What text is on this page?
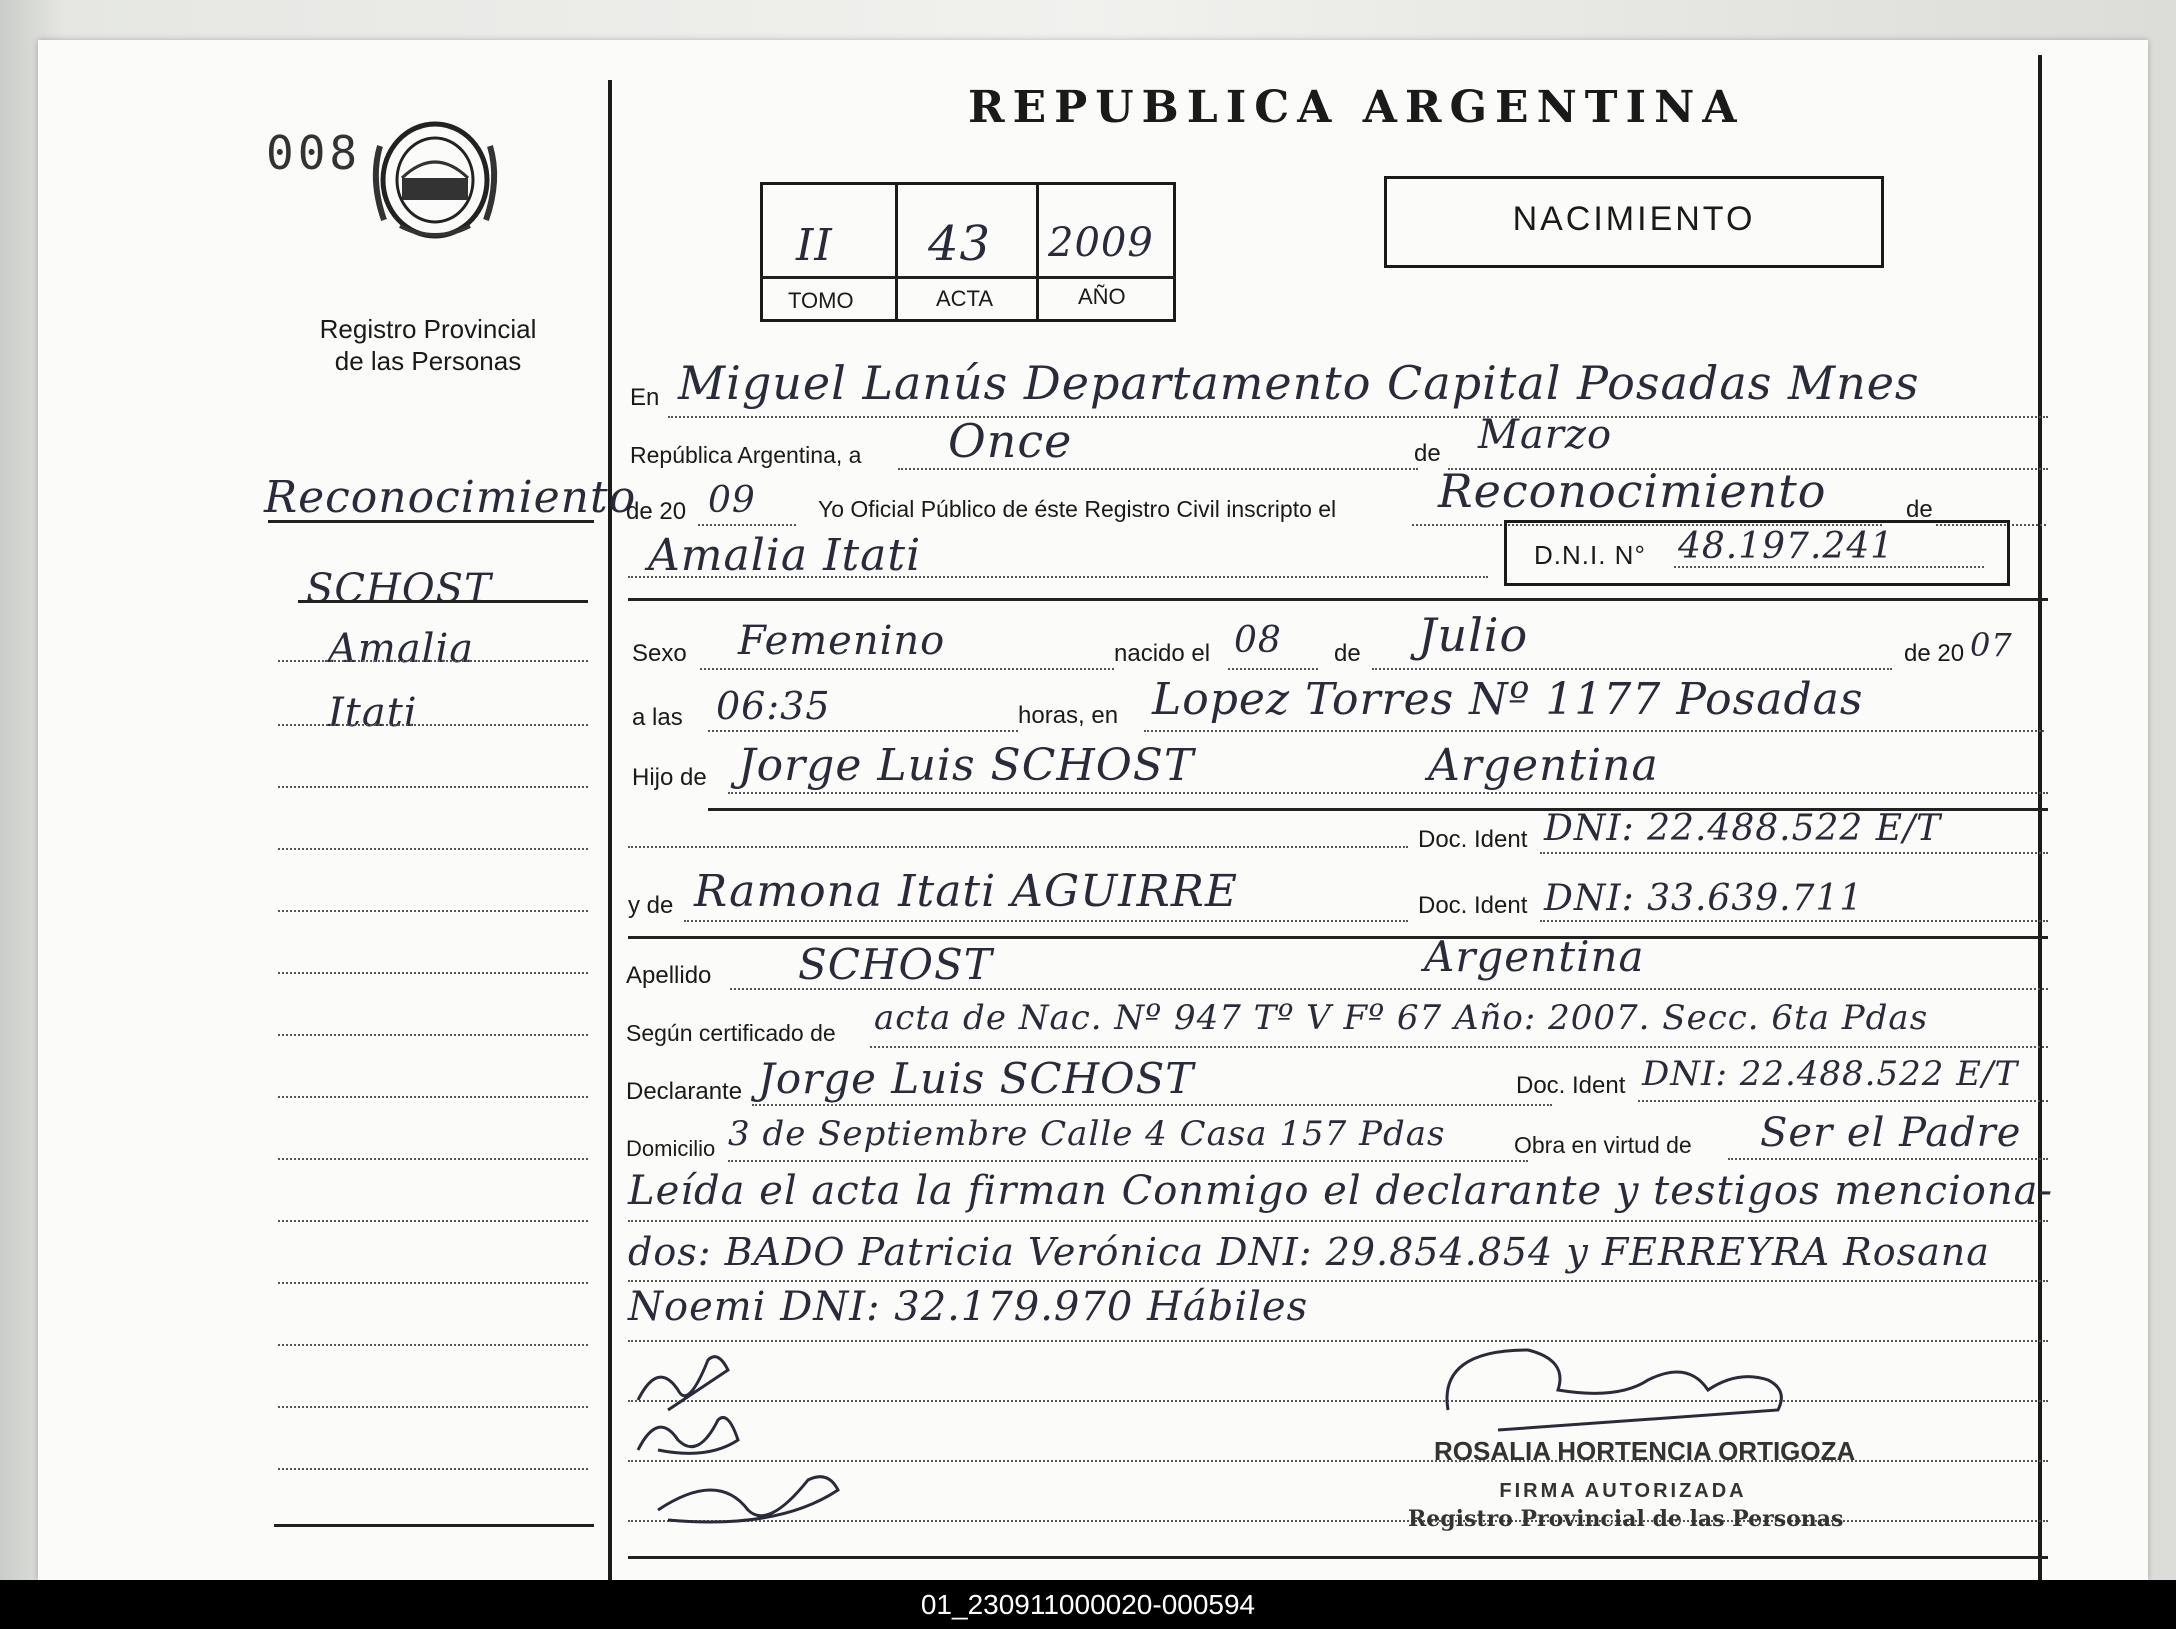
008
Registro Provincial
de las Personas
REPUBLICA ARGENTINA
II 43 2009
TOMO	ACTA	AÑO
NACIMIENTO
Reconocimiento
SCHOST
Amalia
Itati
En Miguel Lanús Departamento Capital Posadas Mnes
República Argentina, a Once	de Marzo
de 20 09	Yo Oficial Público de éste Registro Civil inscripto el Reconocimiento	de
Amalia Itati	D.N.I. N° 48.197.241
Sexo Femenino	nacido el 08 de Julio	de 20 07
a las 06:35	horas, en Lopez Torres Nº 1177 Posadas
Hijo de Jorge Luis SCHOST	Argentina
Doc. Ident DNI: 22.488.522 E/T
y de Ramona Itati AGUIRRE	Doc. Ident DNI: 33.639.711
Apellido SCHOST	Argentina
Según certificado de acta de Nac. Nº 947 Tº V Fº 67 Año: 2007. Secc. 6ta Pdas
Declarante Jorge Luis SCHOST	Doc. Ident DNI: 22.488.522 E/T
Domicilio 3 de Septiembre Calle 4 Casa 157 Pdas	Obra en virtud de Ser el Padre
Leída el acta la firman Conmigo el declarante y testigos menciona-
dos: BADO Patricia Verónica DNI: 29.854.854 y FERREYRA Rosana
Noemi DNI: 32.179.970 Hábiles
ROSALIA HORTENCIA ORTIGOZA
FIRMA AUTORIZADA
Registro Provincial de las Personas
01_230911000020-000594
